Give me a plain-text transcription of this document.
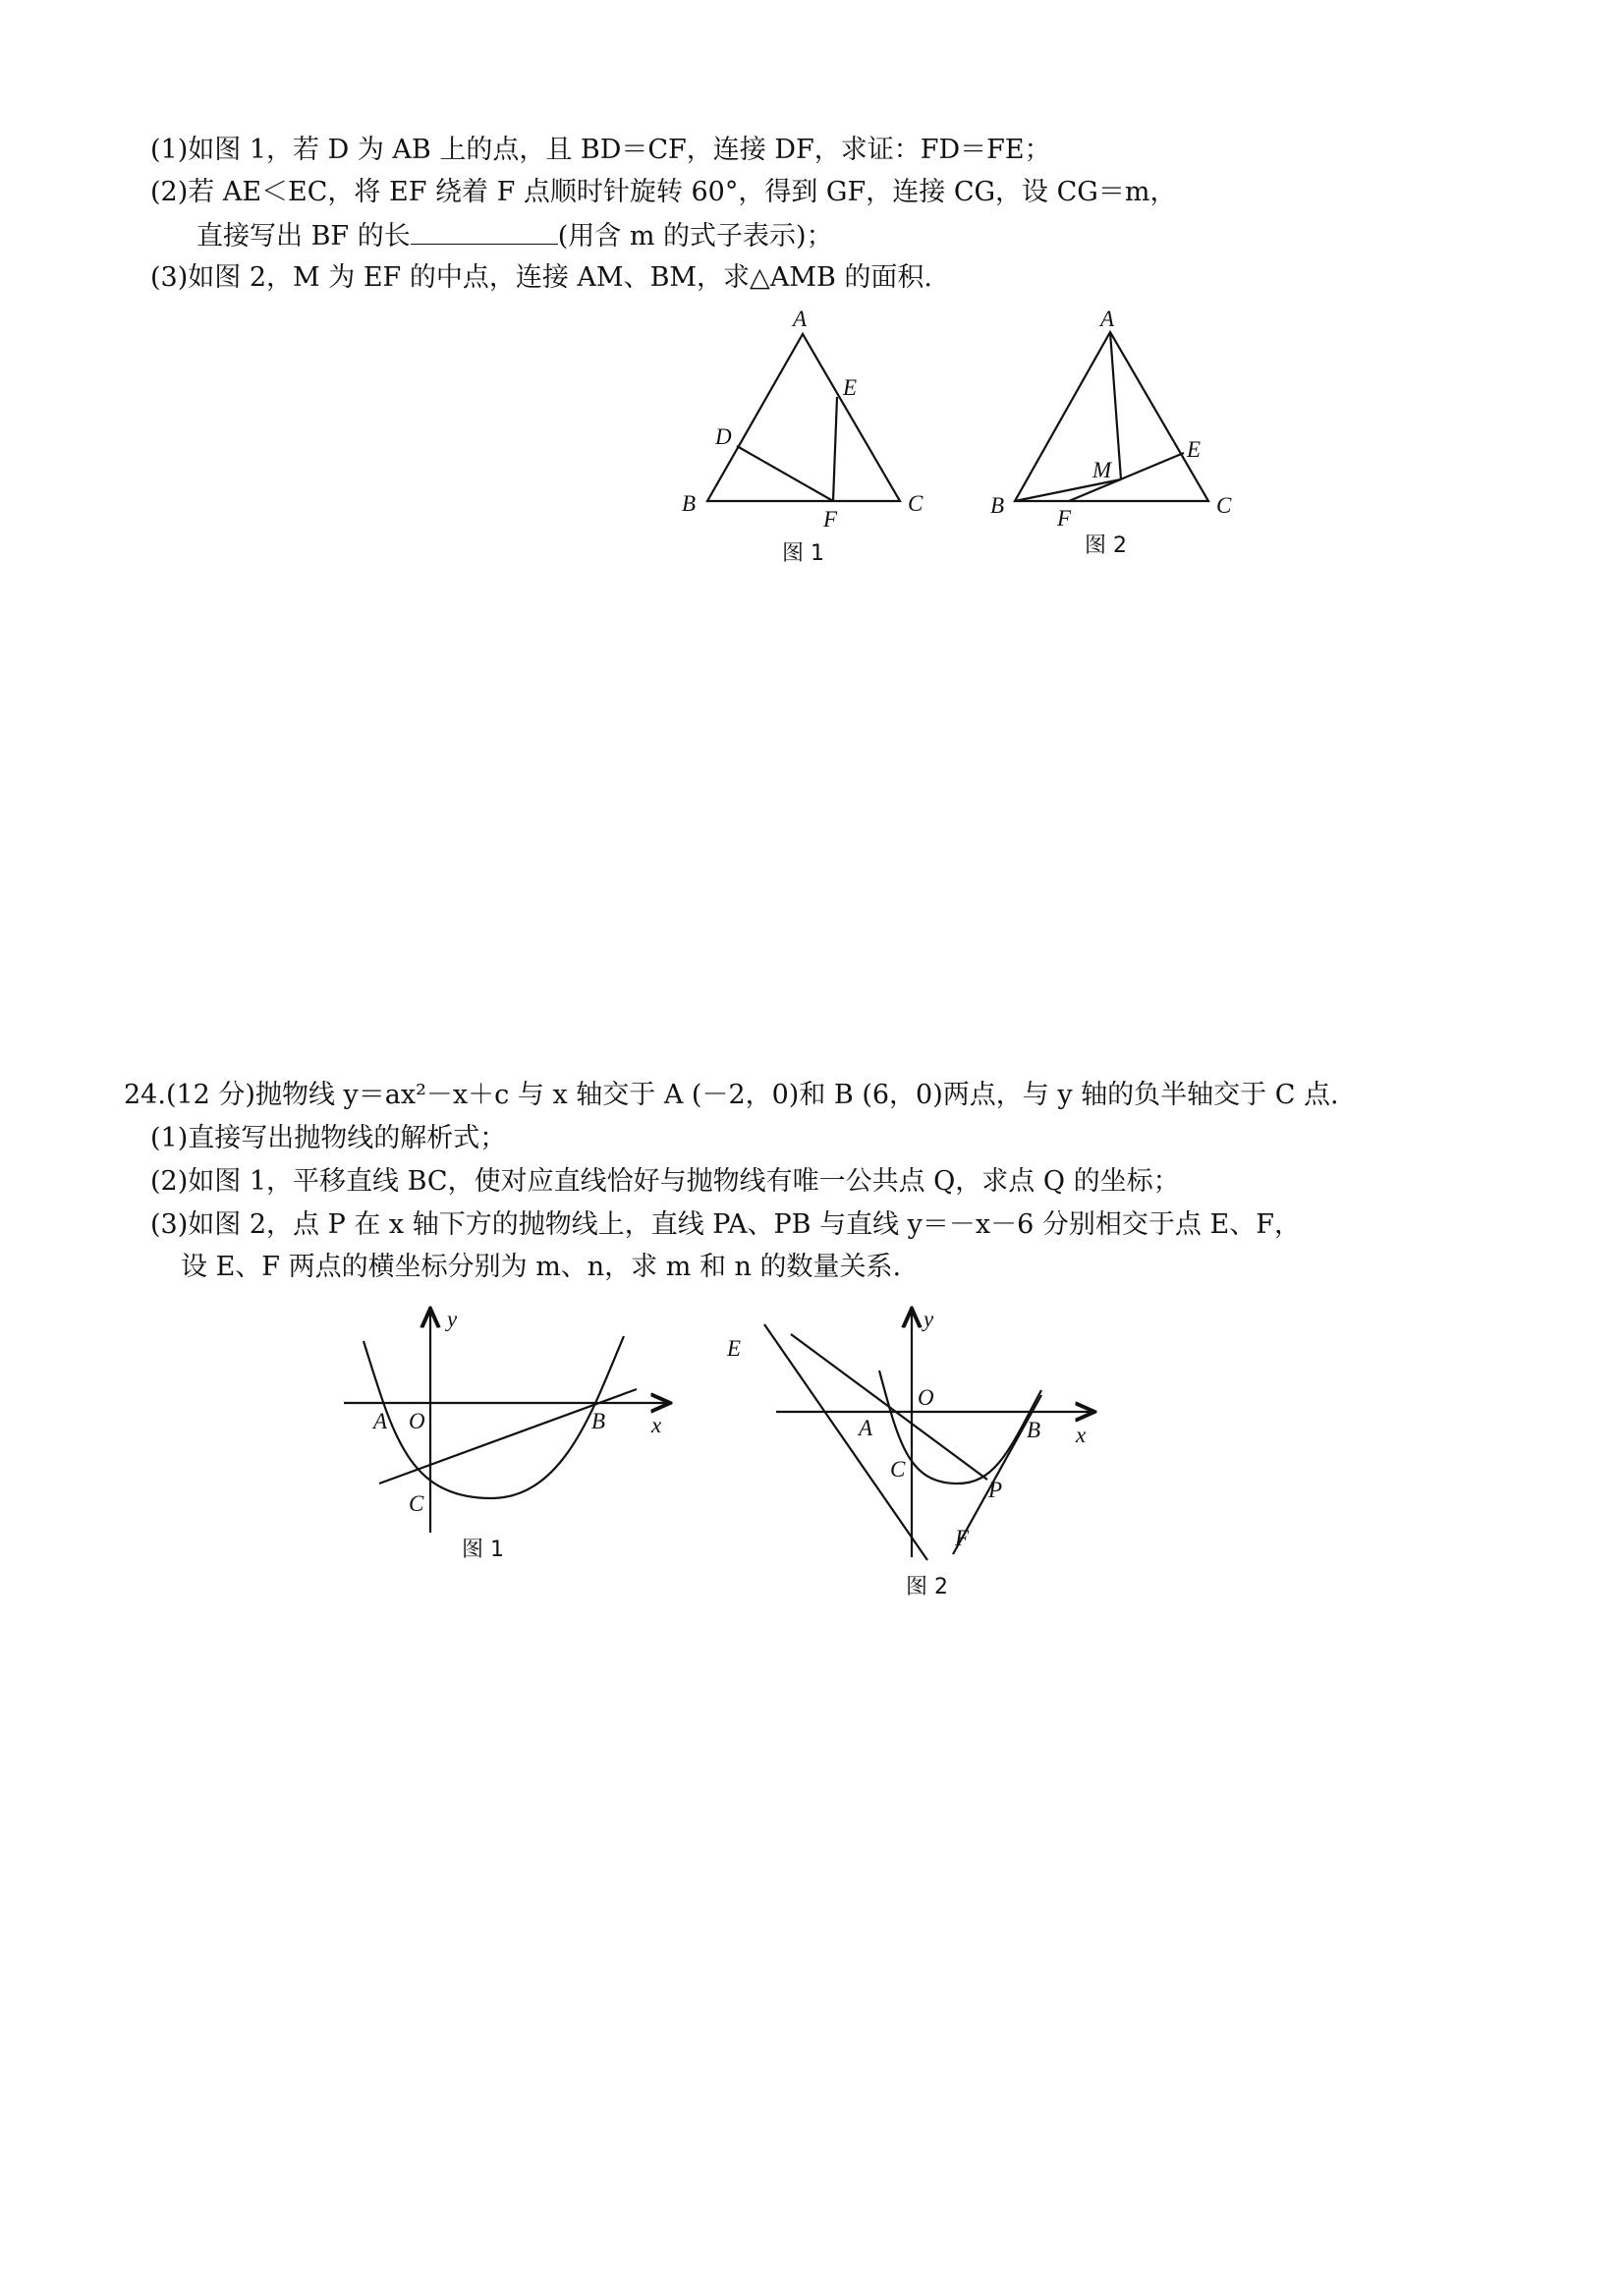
(1)如图 1，若 D 为 AB 上的点，且 BD＝CF，连接 DF，求证：FD＝FE；
(2)若 AE＜EC，将 EF 绕着 F 点顺时针旋转 60°，得到 GF，连接 CG，设 CG＝m，
直接写出 BF 的长	(用含 m 的式子表示)；
(3)如图 2，M 为 EF 的中点，连接 AM、BM，求△AMB 的面积.
A
B	C
D
E
F
图 1
A
B	C
E
F
M
图 2
24.(12 分)抛物线 y＝ax²－x＋c 与 x 轴交于 A (－2，0)和 B (6，0)两点，与 y 轴的负半轴交于 C 点.
(1)直接写出抛物线的解析式；
(2)如图 1，平移直线 BC，使对应直线恰好与抛物线有唯一公共点 Q，求点 Q 的坐标；
(3)如图 2，点 P 在 x 轴下方的抛物线上，直线 PA、PB 与直线 y＝－x－6 分别相交于点 E、F，
设 E、F 两点的横坐标分别为 m、n，求 m 和 n 的数量关系.
y
x
A O	B
C
图 1
y
x
E
O
A	B
C
P
F
图 2
